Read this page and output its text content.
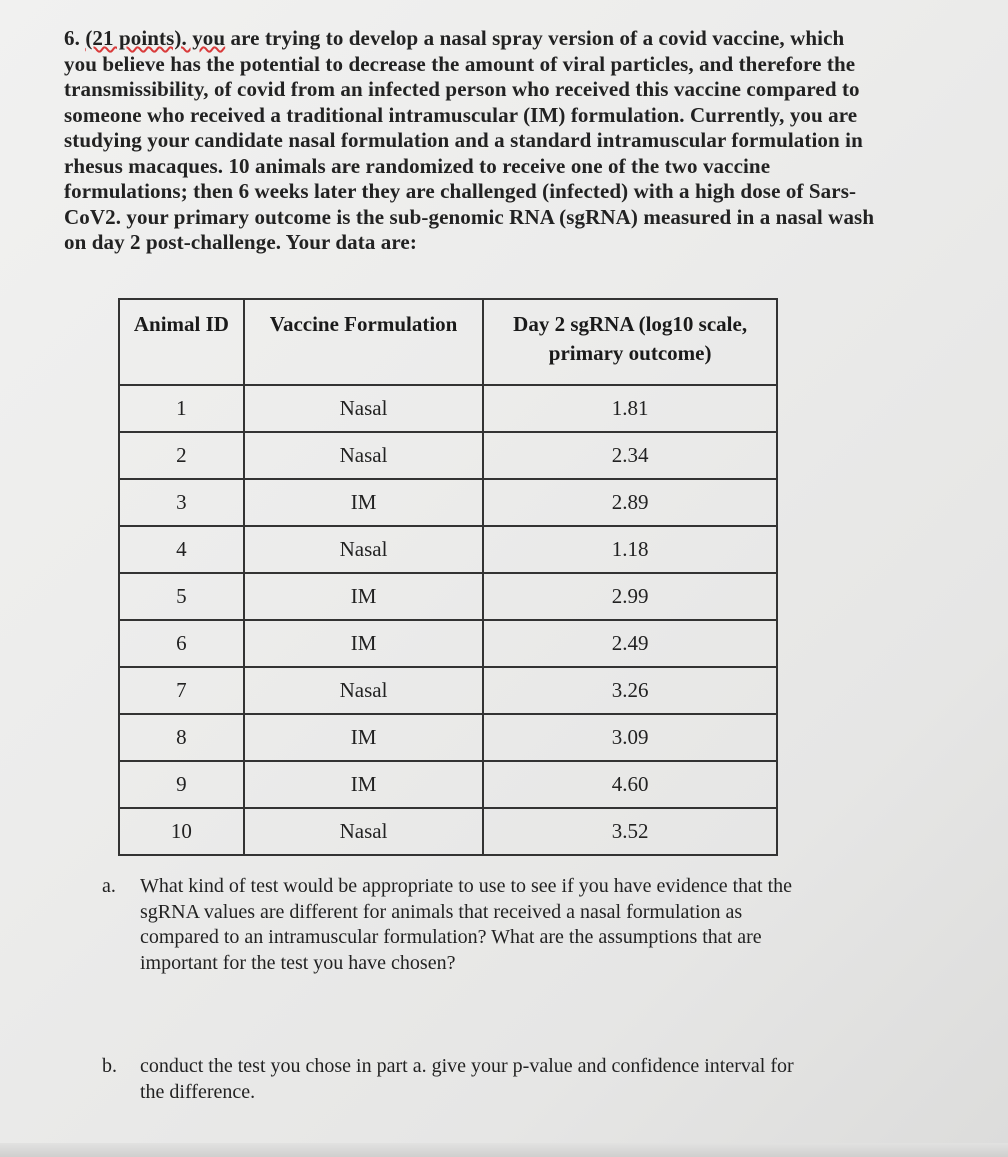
6. (21 points). you are trying to develop a nasal spray version of a covid vaccine, which
you believe has the potential to decrease the amount of viral particles, and therefore the
transmissibility, of covid from an infected person who received this vaccine compared to
someone who received a traditional intramuscular (IM) formulation. Currently, you are
studying your candidate nasal formulation and a standard intramuscular formulation in
rhesus macaques. 10 animals are randomized to receive one of the two vaccine
formulations; then 6 weeks later they are challenged (infected) with a high dose of Sars-
CoV2. your primary outcome is the sub-genomic RNA (sgRNA) measured in a nasal wash
on day 2 post-challenge. Your data are:
Animal ID	Vaccine Formulation	Day 2 sgRNA (log10 scale,
primary outcome)
1	Nasal	1.81
2	Nasal	2.34
3	IM	2.89
4	Nasal	1.18
5	IM	2.99
6	IM	2.49
7	Nasal	3.26
8	IM	3.09
9	IM	4.60
10	Nasal	3.52
a.	What kind of test would be appropriate to use to see if you have evidence that the
sgRNA values are different for animals that received a nasal formulation as
compared to an intramuscular formulation? What are the assumptions that are
important for the test you have chosen?
b.	conduct the test you chose in part a. give your p-value and confidence interval for
the difference.
